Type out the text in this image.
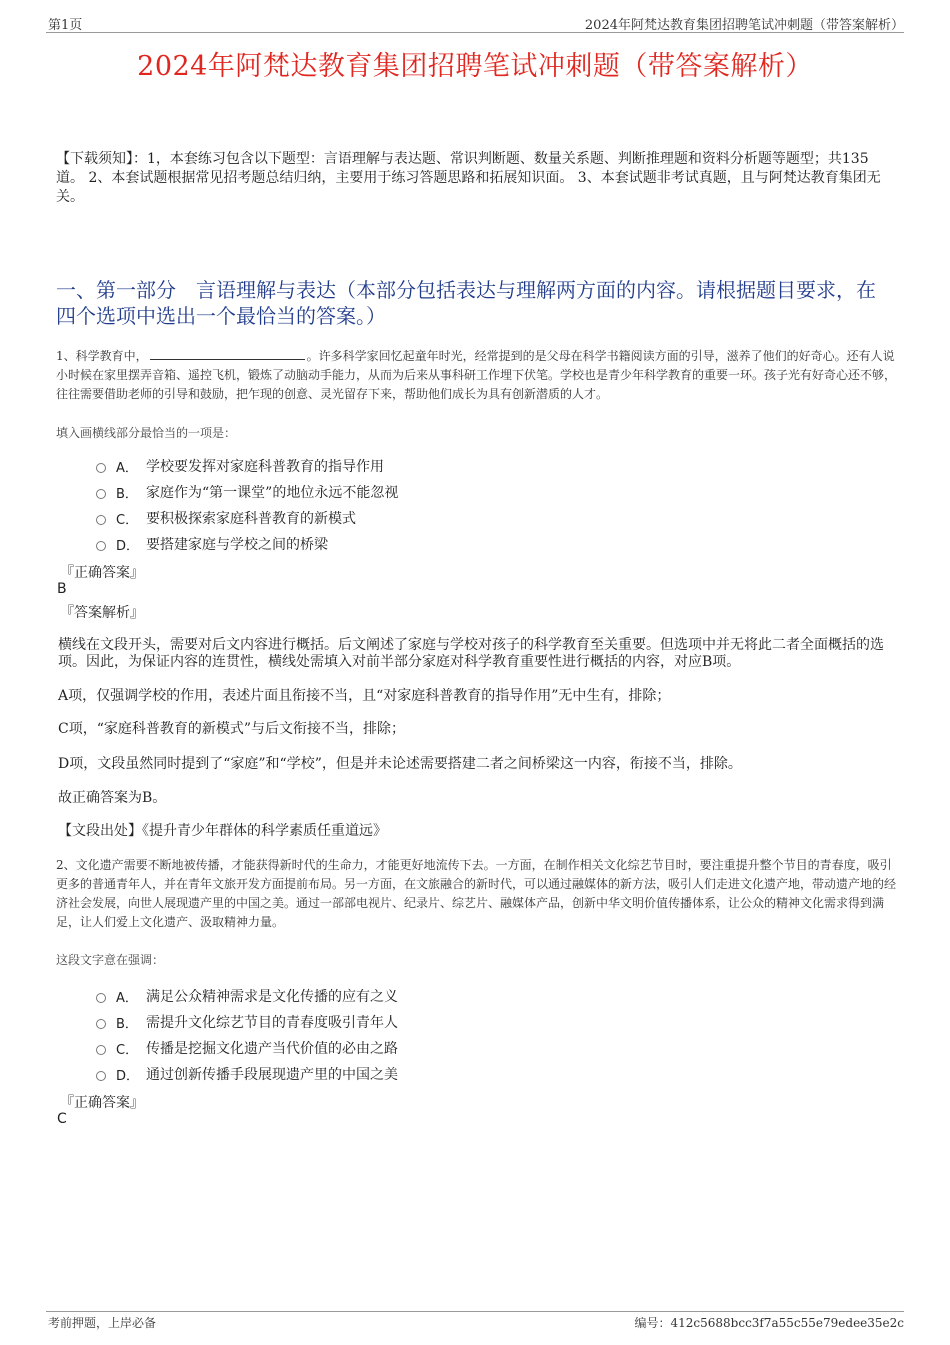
第1页	2024年阿梵达教育集团招聘笔试冲刺题（带答案解析）
2024年阿梵达教育集团招聘笔试冲刺题（带答案解析）
【下载须知】：1，本套练习包含以下题型：言语理解与表达题、常识判断题、数量关系题、判断推理题和资料分析题等题型；共135道。 2、本套试题根据常见招考题总结归纳，主要用于练习答题思路和拓展知识面。 3、本套试题非考试真题，且与阿梵达教育集团无关。
一、第一部分　言语理解与表达（本部分包括表达与理解两方面的内容。请根据题目要求，在四个选项中选出一个最恰当的答案。）
1、科学教育中，	。许多科学家回忆起童年时光，经常提到的是父母在科学书籍阅读方面的引导，滋养了他们的好奇心。还有人说小时候在家里摆弄音箱、遥控飞机，锻炼了动脑动手能力，从而为后来从事科研工作埋下伏笔。学校也是青少年科学教育的重要一环。孩子光有好奇心还不够，往往需要借助老师的引导和鼓励，把乍现的创意、灵光留存下来，帮助他们成长为具有创新潜质的人才。
填入画横线部分最恰当的一项是：
A． 学校要发挥对家庭科普教育的指导作用
B． 家庭作为“第一课堂”的地位永远不能忽视
C． 要积极探索家庭科普教育的新模式
D． 要搭建家庭与学校之间的桥梁
『正确答案』
B
『答案解析』
横线在文段开头，需要对后文内容进行概括。后文阐述了家庭与学校对孩子的科学教育至关重要。但选项中并无将此二者全面概括的选项。因此，为保证内容的连贯性，横线处需填入对前半部分家庭对科学教育重要性进行概括的内容，对应B项。
A项，仅强调学校的作用，表述片面且衔接不当，且“对家庭科普教育的指导作用”无中生有，排除；
C项，“家庭科普教育的新模式”与后文衔接不当，排除；
D项，文段虽然同时提到了“家庭”和“学校”，但是并未论述需要搭建二者之间桥梁这一内容，衔接不当，排除。
故正确答案为B。
【文段出处】《提升青少年群体的科学素质任重道远》
2、文化遗产需要不断地被传播，才能获得新时代的生命力，才能更好地流传下去。一方面，在制作相关文化综艺节目时，要注重提升整个节目的青春度，吸引更多的普通青年人，并在青年文旅开发方面提前布局。另一方面，在文旅融合的新时代，可以通过融媒体的新方法，吸引人们走进文化遗产地，带动遗产地的经济社会发展，向世人展现遗产里的中国之美。通过一部部电视片、纪录片、综艺片、融媒体产品，创新中华文明价值传播体系，让公众的精神文化需求得到满足，让人们爱上文化遗产、汲取精神力量。
这段文字意在强调：
A． 满足公众精神需求是文化传播的应有之义
B． 需提升文化综艺节目的青春度吸引青年人
C． 传播是挖掘文化遗产当代价值的必由之路
D． 通过创新传播手段展现遗产里的中国之美
『正确答案』
C
考前押题，上岸必备	编号：412c5688bcc3f7a55c55e79edee35e2c
